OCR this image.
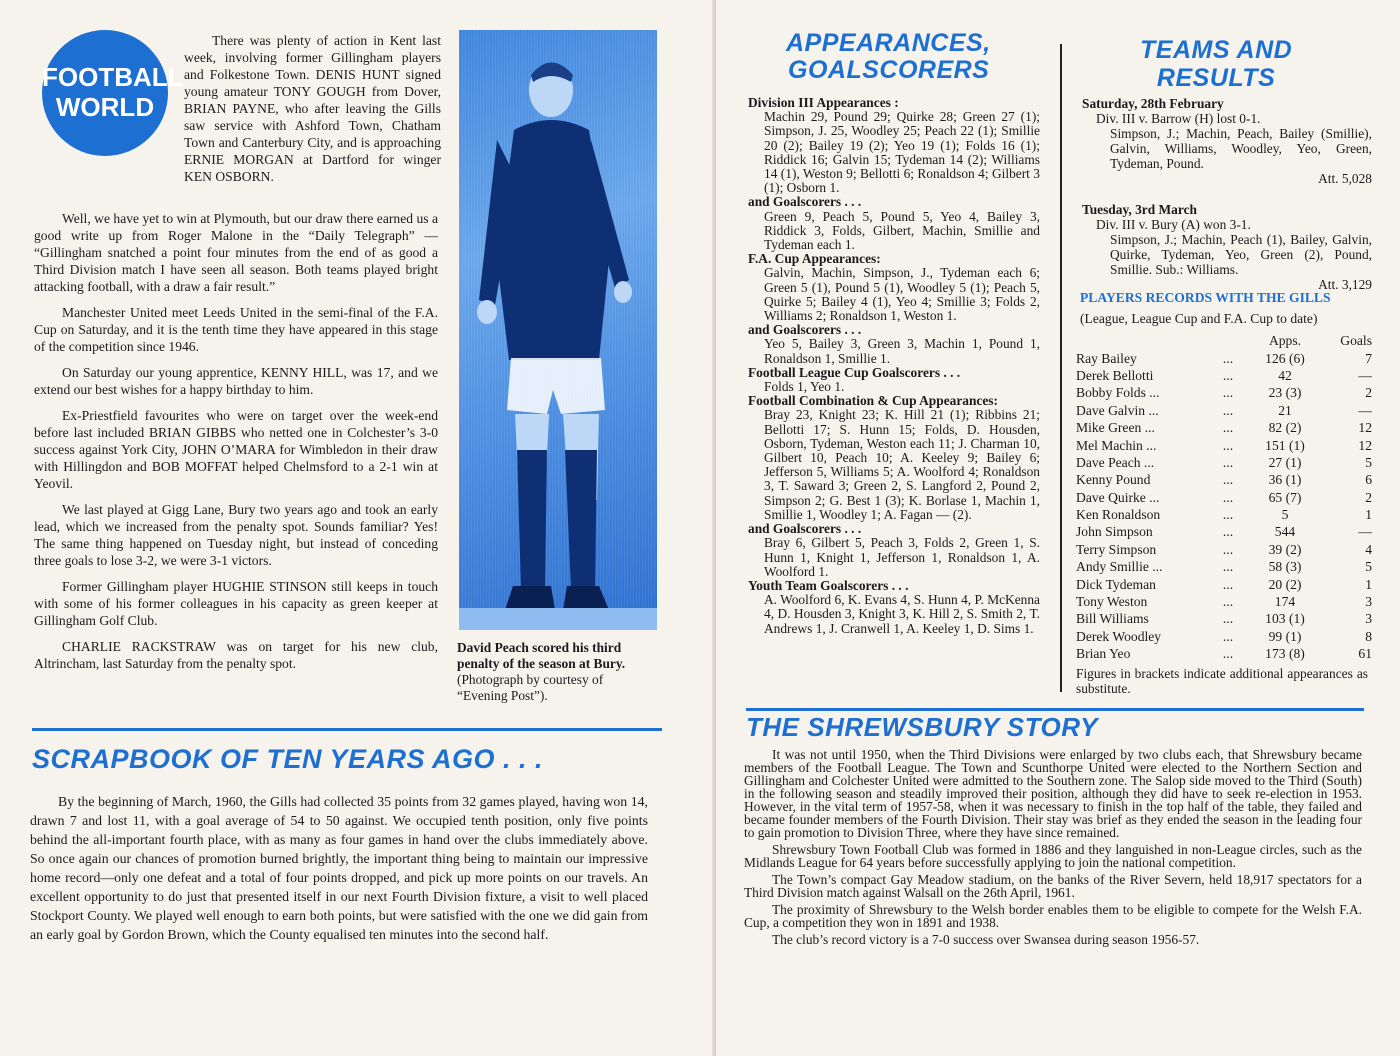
FOOTBALL
WORLD

There was plenty of action in Kent last week, involving former Gillingham players and Folkestone Town. DENIS HUNT signed young amateur TONY GOUGH from Dover, BRIAN PAYNE, who after leaving the Gills saw service with Ashford Town, Chatham Town and Canterbury City, and is approaching ERNIE MORGAN at Dartford for winger KEN OSBORN.

Well, we have yet to win at Plymouth, but our draw there earned us a good write up from Roger Malone in the “Daily Telegraph” — “Gillingham snatched a point four minutes from the end of as good a Third Division match I have seen all season. Both teams played bright attacking football, with a draw a fair result.”

Manchester United meet Leeds United in the semi-final of the F.A. Cup on Saturday, and it is the tenth time they have appeared in this stage of the competition since 1946.

On Saturday our young apprentice, KENNY HILL, was 17, and we extend our best wishes for a happy birthday to him.

Ex-Priestfield favourites who were on target over the week-end before last included BRIAN GIBBS who netted one in Colchester’s 3-0 success against York City, JOHN O’MARA for Wimbledon in their draw with Hillingdon and BOB MOFFAT helped Chelmsford to a 2-1 win at Yeovil.

We last played at Gigg Lane, Bury two years ago and took an early lead, which we increased from the penalty spot. Sounds familiar? Yes! The same thing happened on Tuesday night, but instead of conceding three goals to lose 3-2, we were 3-1 victors.

Former Gillingham player HUGHIE STINSON still keeps in touch with some of his former colleagues in his capacity as green keeper at Gillingham Golf Club.

CHARLIE RACKSTRAW was on target for his new club, Altrincham, last Saturday from the penalty spot.

David Peach scored his third penalty of the season at Bury. (Photograph by courtesy of “Evening Post”).
SCRAPBOOK OF TEN YEARS AGO . . .

By the beginning of March, 1960, the Gills had collected 35 points from 32 games played, having won 14, drawn 7 and lost 11, with a goal average of 54 to 50 against. We occupied tenth position, only five points behind the all-important fourth place, with as many as four games in hand over the clubs immediately above. So once again our chances of promotion burned brightly, the important thing being to maintain our impressive home record—only one defeat and a total of four points dropped, and pick up more points on our travels. An excellent opportunity to do just that presented itself in our next Fourth Division fixture, a visit to well placed Stockport County. We played well enough to earn both points, but were satisfied with the one we did gain from an early goal by Gordon Brown, which the County equalised ten minutes into the second half.

APPEARANCES,
GOALSCORERS
Division III Appearances :
Machin 29, Pound 29; Quirke 28; Green 27 (1); Simpson, J. 25, Woodley 25; Peach 22 (1); Smillie 20 (2); Bailey 19 (2); Yeo 19 (1); Folds 16 (1); Riddick 16; Galvin 15; Tydeman 14 (2); Williams 14 (1), Weston 9; Bellotti 6; Ronaldson 4; Gilbert 3 (1); Osborn 1.
and Goalscorers . . .
Green 9, Peach 5, Pound 5, Yeo 4, Bailey 3, Riddick 3, Folds, Gilbert, Machin, Smillie and Tydeman each 1.
F.A. Cup Appearances:
Galvin, Machin, Simpson, J., Tydeman each 6; Green 5 (1), Pound 5 (1), Woodley 5 (1); Peach 5, Quirke 5; Bailey 4 (1), Yeo 4; Smillie 3; Folds 2, Williams 2; Ronaldson 1, Weston 1.
and Goalscorers . . .
Yeo 5, Bailey 3, Green 3, Machin 1, Pound 1, Ronaldson 1, Smillie 1.
Football League Cup Goalscorers . . .
Folds 1, Yeo 1.
Football Combination & Cup Appearances:
Bray 23, Knight 23; K. Hill 21 (1); Ribbins 21; Bellotti 17; S. Hunn 15; Folds, D. Housden, Osborn, Tydeman, Weston each 11; J. Charman 10, Gilbert 10, Peach 10; A. Keeley 9; Bailey 6; Jefferson 5, Williams 5; A. Woolford 4; Ronaldson 3, T. Saward 3; Green 2, S. Langford 2, Pound 2, Simpson 2; G. Best 1 (3); K. Borlase 1, Machin 1, Smillie 1, Woodley 1; A. Fagan — (2).
and Goalscorers . . .
Bray 6, Gilbert 5, Peach 3, Folds 2, Green 1, S. Hunn 1, Knight 1, Jefferson 1, Ronaldson 1, A. Woolford 1.
Youth Team Goalscorers . . .
A. Woolford 6, K. Evans 4, S. Hunn 4, P. McKenna 4, D. Housden 3, Knight 3, K. Hill 2, S. Smith 2, T. Andrews 1, J. Cranwell 1, A. Keeley 1, D. Sims 1.
TEAMS AND
RESULTS
Saturday, 28th February
Div. III v. Barrow (H) lost 0-1.
Simpson, J.; Machin, Peach, Bailey (Smillie), Galvin, Williams, Woodley, Yeo, Green, Tydeman, Pound.
Att. 5,028
Tuesday, 3rd March
Div. III v. Bury (A) won 3-1.
Simpson, J.; Machin, Peach (1), Bailey, Galvin, Quirke, Tydeman, Yeo, Green (2), Pound, Smillie. Sub.: Williams.
Att. 3,129
PLAYERS RECORDS WITH THE GILLS
(League, League Cup and F.A. Cup to date)
		Apps.	Goals
Ray Bailey	...	126 (6)	7
Derek Bellotti	...	42	—
Bobby Folds ...	...	23 (3)	2
Dave Galvin ...	...	21	—
Mike Green ...	...	82 (2)	12
Mel Machin ...	...	151 (1)	12
Dave Peach ...	...	27 (1)	5
Kenny Pound	...	36 (1)	6
Dave Quirke ...	...	65 (7)	2
Ken Ronaldson	...	5	1
John Simpson	...	544	—
Terry Simpson	...	39 (2)	4
Andy Smillie ...	...	58 (3)	5
Dick Tydeman	...	20 (2)	1
Tony Weston	...	174	3
Bill Williams	...	103 (1)	3
Derek Woodley	...	99 (1)	8
Brian Yeo	...	173 (8)	61

Figures in brackets indicate additional appearances as substitute.

THE SHREWSBURY STORY

It was not until 1950, when the Third Divisions were enlarged by two clubs each, that Shrewsbury became members of the Football League. The Town and Scunthorpe United were elected to the Northern Section and Gillingham and Colchester United were admitted to the Southern zone. The Salop side moved to the Third (South) in the following season and steadily improved their position, although they did have to seek re-election in 1953. However, in the vital term of 1957-58, when it was necessary to finish in the top half of the table, they failed and became founder members of the Fourth Division. Their stay was brief as they ended the season in the leading four to gain promotion to Division Three, where they have since remained.

Shrewsbury Town Football Club was formed in 1886 and they languished in non-League circles, such as the Midlands League for 64 years before successfully applying to join the national competition.

The Town’s compact Gay Meadow stadium, on the banks of the River Severn, held 18,917 spectators for a Third Division match against Walsall on the 26th April, 1961.

The proximity of Shrewsbury to the Welsh border enables them to be eligible to compete for the Welsh F.A. Cup, a competition they won in 1891 and 1938.

The club’s record victory is a 7-0 success over Swansea during season 1956-57.
